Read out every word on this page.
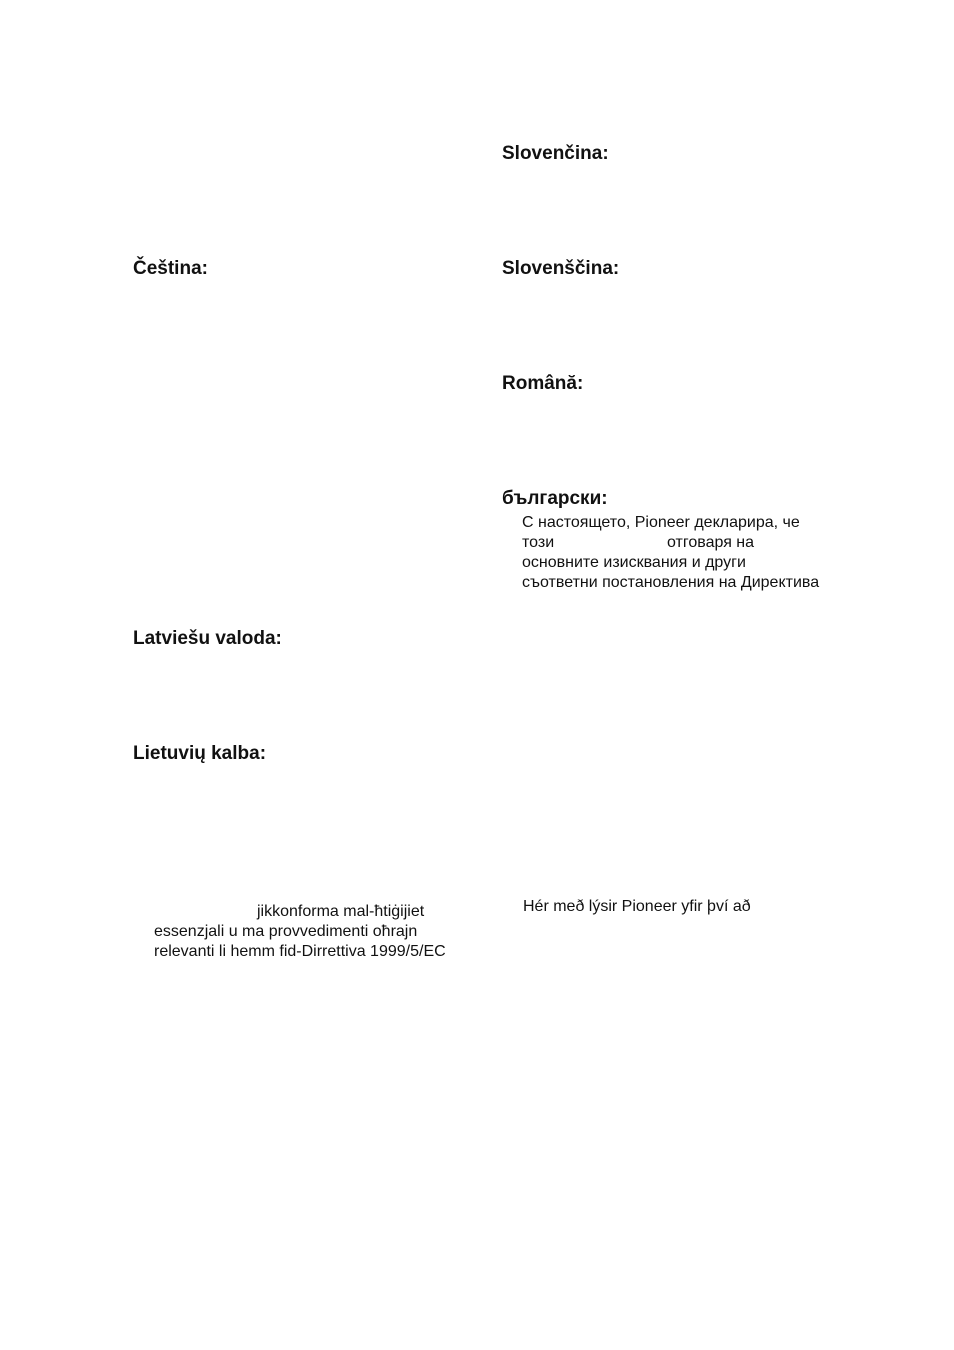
Slovenčina:
Slovenščina:
Română:
български:
С настоящето, Pioneer декларира, че
този	отговаря на
основните изисквания и други
съответни постановления на Директива
Čeština:
Latviešu valoda:
Lietuvių kalba:
jikkonforma mal-ħtiġijiet
essenzjali u ma provvedimenti oħrajn
relevanti li hemm fid-Dirrettiva 1999/5/EC
Hér með lýsir Pioneer yfir því að
